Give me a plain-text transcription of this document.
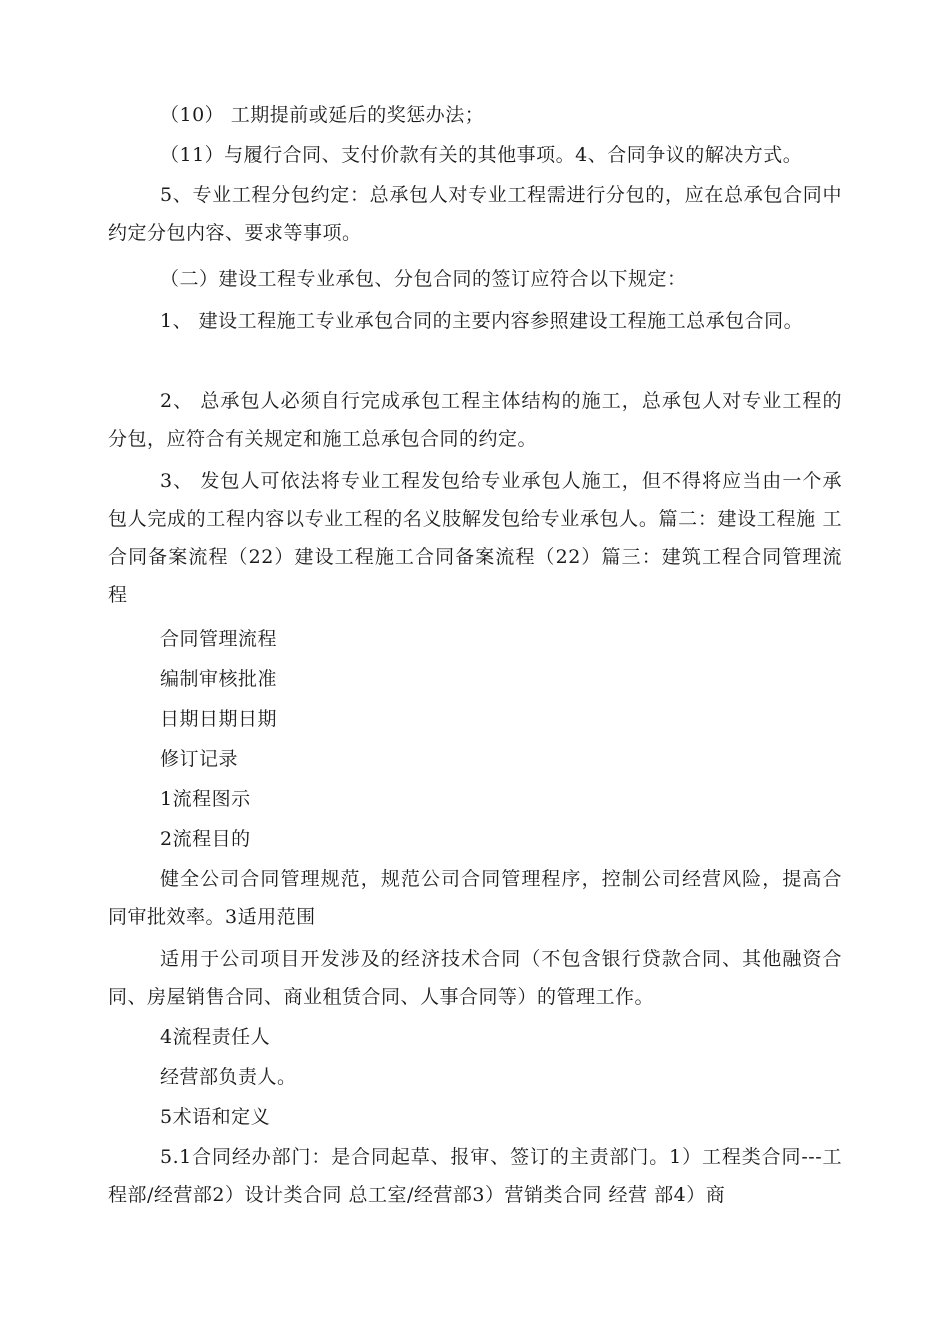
（10） 工期提前或延后的奖惩办法；

（11）与履行合同、支付价款有关的其他事项。4、合同争议的解决方式。

5、专业工程分包约定：总承包人对专业工程需进行分包的，应在总承包合同中约定分包内容、要求等事项。

（二）建设工程专业承包、分包合同的签订应符合以下规定：

1、 建设工程施工专业承包合同的主要内容参照建设工程施工总承包合同。

2、 总承包人必须自行完成承包工程主体结构的施工，总承包人对专业工程的 分包，应符合有关规定和施工总承包合同的约定。

3、 发包人可依法将专业工程发包给专业承包人施工，但不得将应当由一个承 包人完成的工程内容以专业工程的名义肢解发包给专业承包人。篇二：建设工程施 工合同备案流程（22）建设工程施工合同备案流程（22）篇三：建筑工程合同管理流 程

合同管理流程

编制审核批准

日期日期日期

修订记录

1流程图示

2流程目的

健全公司合同管理规范，规范公司合同管理程序，控制公司经营风险，提高合同审批效率。3适用范围

适用于公司项目开发涉及的经济技术合同（不包含银行贷款合同、其他融资合同、房屋销售合同、商业租赁合同、人事合同等）的管理工作。

4流程责任人

经营部负责人。

5术语和定义

5.1合同经办部门：是合同起草、报审、签订的主责部门。1）工程类合同---工程部/经营部2）设计类合同 总工室/经营部3）营销类合同 经营 部4）商
